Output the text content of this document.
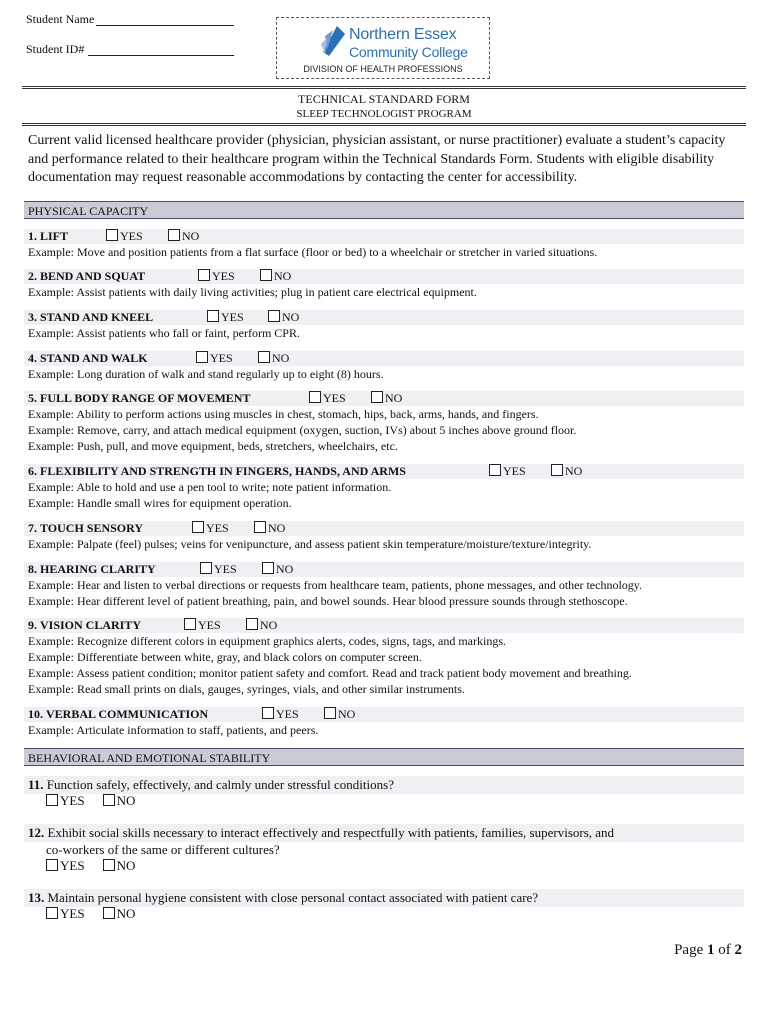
Student Name
Student ID#
Northern Essex
Community College
DIVISION OF HEALTH PROFESSIONS
TECHNICAL STANDARD FORM
SLEEP TECHNOLOGIST PROGRAM
Current valid licensed healthcare provider (physician, physician assistant, or nurse practitioner) evaluate a student’s capacity and performance related to their healthcare program within the Technical Standards Form. Students with eligible disability documentation may request reasonable accommodations by contacting the center for accessibility.
PHYSICAL CAPACITY
1. LIFT	YES	NO
Example: Move and position patients from a flat surface (floor or bed) to a wheelchair or stretcher in varied situations.
2. BEND AND SQUAT	YES	NO
Example: Assist patients with daily living activities; plug in patient care electrical equipment.
3. STAND AND KNEEL	YES	NO
Example: Assist patients who fall or faint, perform CPR.
4. STAND AND WALK	YES	NO
Example: Long duration of walk and stand regularly up to eight (8) hours.
5. FULL BODY RANGE OF MOVEMENT	YES	NO
Example: Ability to perform actions using muscles in chest, stomach, hips, back, arms, hands, and fingers.
Example: Remove, carry, and attach medical equipment (oxygen, suction, IVs) about 5 inches above ground floor.
Example: Push, pull, and move equipment, beds, stretchers, wheelchairs, etc.
6. FLEXIBILITY AND STRENGTH IN FINGERS, HANDS, AND ARMS	YES	NO
Example: Able to hold and use a pen tool to write; note patient information.
Example: Handle small wires for equipment operation.
7. TOUCH SENSORY	YES	NO
Example: Palpate (feel) pulses; veins for venipuncture, and assess patient skin temperature/moisture/texture/integrity.
8. HEARING CLARITY	YES	NO
Example: Hear and listen to verbal directions or requests from healthcare team, patients, phone messages, and other technology.
Example: Hear different level of patient breathing, pain, and bowel sounds. Hear blood pressure sounds through stethoscope.
9. VISION CLARITY	YES	NO
Example: Recognize different colors in equipment graphics alerts, codes, signs, tags, and markings.
Example: Differentiate between white, gray, and black colors on computer screen.
Example: Assess patient condition; monitor patient safety and comfort. Read and track patient body movement and breathing.
Example: Read small prints on dials, gauges, syringes, vials, and other similar instruments.
10. VERBAL COMMUNICATION	YES	NO
Example: Articulate information to staff, patients, and peers.
BEHAVIORAL AND EMOTIONAL STABILITY
11. Function safely, effectively, and calmly under stressful conditions?
YES NO
12. Exhibit social skills necessary to interact effectively and respectfully with patients, families, supervisors, and
co-workers of the same or different cultures?
YES NO
13. Maintain personal hygiene consistent with close personal contact associated with patient care?
YES NO
Page 1 of 2
